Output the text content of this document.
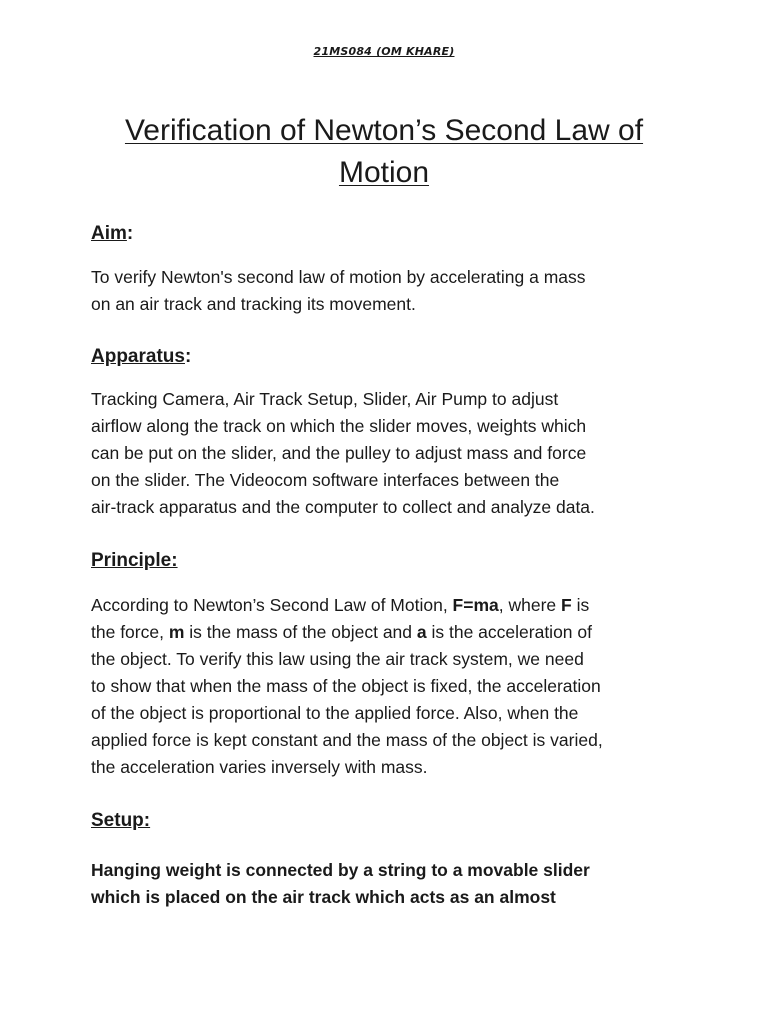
21MS084 (OM KHARE)
Verification of Newton’s Second Law of
Motion
Aim:

To verify Newton's second law of motion by accelerating a mass
on an air track and tracking its movement.

Apparatus:

Tracking Camera, Air Track Setup, Slider, Air Pump to adjust
airflow along the track on which the slider moves, weights which
can be put on the slider, and the pulley to adjust mass and force
on the slider. The Videocom software interfaces between the
air-track apparatus and the computer to collect and analyze data.

Principle:

According to Newton’s Second Law of Motion, F=ma, where F is
the force, m is the mass of the object and a is the acceleration of
the object. To verify this law using the air track system, we need
to show that when the mass of the object is fixed, the acceleration
of the object is proportional to the applied force. Also, when the
applied force is kept constant and the mass of the object is varied,
the acceleration varies inversely with mass.

Setup:

Hanging weight is connected by a string to a movable slider
which is placed on the air track which acts as an almost
